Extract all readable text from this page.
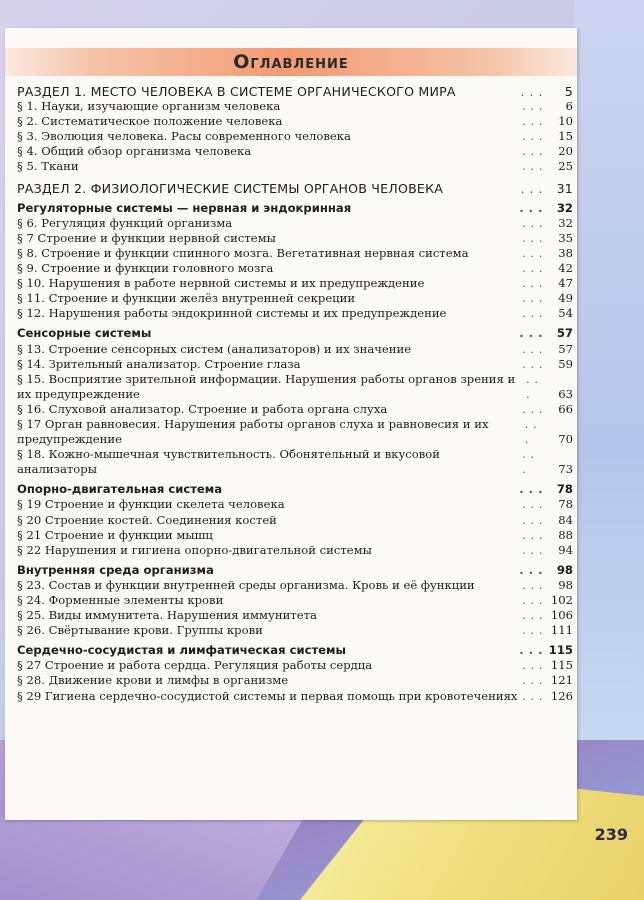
239
Оглавление
РАЗДЕЛ 1. МЕСТО ЧЕЛОВЕКА В СИСТЕМЕ ОРГАНИЧЕСКОГО МИРА	. . .	5
§ 1. Науки, изучающие организм человека	. . .	6
§ 2. Систематическое положение человека	. . .	10
§ 3. Эволюция человека. Расы современного человека	. . .	15
§ 4. Общий обзор организма человека	. . .	20
§ 5. Ткани	. . .	25
РАЗДЕЛ 2. ФИЗИОЛОГИЧЕСКИЕ СИСТЕМЫ ОРГАНОВ ЧЕЛОВЕКА	. . .	31
Регуляторные системы — нервная и эндокринная	. . .	32
§ 6. Регуляция функций организма	. . .	32
§ 7 Строение и функции нервной системы	. . .	35
§ 8. Строение и функции спинного мозга. Вегетативная нервная система	. . .	38
§ 9. Строение и функции головного мозга	. . .	42
§ 10. Нарушения в работе нервной системы и их предупреждение	. . .	47
§ 11. Строение и функции желёз внутренней секреции	. . .	49
§ 12. Нарушения работы эндокринной системы и их предупреждение	. . .	54
Сенсорные системы	. . .	57
§ 13. Строение сенсорных систем (анализаторов) и их значение	. . .	57
§ 14. Зрительный анализатор. Строение глаза	. . .	59
§ 15. Восприятие зрительной информации. Нарушения работы органов зрения и их предупреждение
. . .	63
§ 16. Слуховой анализатор. Строение и работа органа слуха	. . .	66
§ 17 Орган равновесия. Нарушения работы органов слуха и равновесия и их предупреждение
. . .	70
§ 18. Кожно-мышечная чувствительность. Обонятельный и вкусовой анализаторы
. . .	73
Опорно-двигательная система	. . .	78
§ 19 Строение и функции скелета человека	. . .	78
§ 20 Строение костей. Соединения костей	. . .	84
§ 21 Строение и функции мышц	. . .	88
§ 22 Нарушения и гигиена опорно-двигательной системы	. . .	94
Внутренняя среда организма	. . .	98
§ 23. Состав и функции внутренней среды организма. Кровь и её функции	. . .	98
§ 24. Форменные элементы крови	. . . 102
§ 25. Виды иммунитета. Нарушения иммунитета	. . . 106
§ 26. Свёртывание крови. Группы крови	. . . 111
Сердечно-сосудистая и лимфатическая системы	. . . 115
§ 27 Строение и работа сердца. Регуляция работы сердца	. . . 115
§ 28. Движение крови и лимфы в организме	. . . 121
§ 29 Гигиена сердечно-сосудистой системы и первая помощь при кровотечениях . . . 126
